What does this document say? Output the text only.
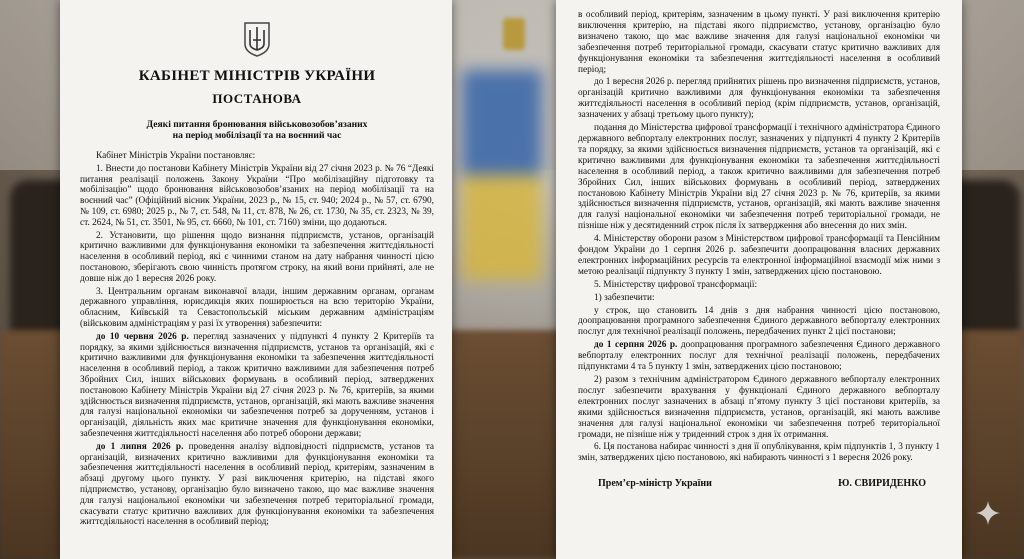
КАБІНЕТ МІНІСТРІВ УКРАЇНИ
ПОСТАНОВА
Деякі питання бронювання військовозобов’язаних
на період мобілізації та на воєнний час

Кабінет Міністрів України постановляє:

1. Внести до постанови Кабінету Міністрів України від 27 січня 2023 р. № 76 “Деякі питання реалізації положень Закону України “Про мобілізаційну підготовку та мобілізацію” щодо бронювання військовозобов’язаних на період мобілізації та на воєнний час” (Офіційний вісник України, 2023 р., № 15, ст. 940; 2024 р., № 57, ст. 6790, № 109, ст. 6980; 2025 р., № 7, ст. 548, № 11, ст. 878, № 26, ст. 1730, № 35, ст. 2323, № 39, ст. 2624, № 51, ст. 3501, № 95, ст. 6660, № 101, ст. 7160) зміни, що додаються.

2. Установити, що рішення щодо визнання підприємств, установ, організацій критично важливими для функціонування економіки та забезпечення життєдіяльності населення в особливий період, які є чинними станом на дату набрання чинності цією постановою, зберігають свою чинність протягом строку, на який вони прийняті, але не довше ніж до 1 вересня 2026 року.

3. Центральним органам виконавчої влади, іншим державним органам, органам державного управління, юрисдикція яких поширюється на всю територію України, обласним, Київській та Севастопольській міським державним адміністраціям (військовим адміністраціям у разі їх утворення) забезпечити:

до 10 червня 2026 р. перегляд зазначених у підпункті 4 пункту 2 Критеріїв та порядку, за якими здійснюється визначення підприємств, установ та організацій, які є критично важливими для функціонування економіки та забезпечення життєдіяльності населення в особливий період, а також критично важливими для забезпечення потреб Збройних Сил, інших військових формувань в особливий період, затверджених постановою Кабінету Міністрів України від 27 січня 2023 р. № 76, критеріїв, за якими здійснюється визначення підприємств, установ, організацій, які мають важливе значення для галузі національної економіки чи забезпечення потреб за дорученням, установ і організацій, діяльність яких має критичне значення для функціонування економіки, забезпечення життєдіяльності населення або потреб оборони держави;

до 1 липня 2026 р. проведення аналізу відповідності підприємств, установ та організацій, визначених критично важливими для функціонування економіки та забезпечення життєдіяльності населення в особливий період, критеріям, зазначеним в абзаці другому цього пункту. У разі виключення критерію, на підставі якого підприємство, установу, організацію було визначено такою, що має важливе значення для галузі національної економіки чи забезпечення потреб територіальної громади, скасувати статус критично важливих для функціонування економіки та забезпечення життєдіяльності населення в особливий період;

в особливий період, критеріям, зазначеним в цьому пункті. У разі виключення критерію виключення критерію, на підставі якого підприємство, установу, організацію було визначено такою, що має важливе значення для галузі національної економіки чи забезпечення потреб територіальної громади, скасувати статус критично важливих для функціонування економіки та забезпечення життєдіяльності населення в особливий період;

до 1 вересня 2026 р. перегляд прийнятих рішень про визначення підприємств, установ, організацій критично важливими для функціонування економіки та забезпечення життєдіяльності населення в особливий період (крім підприємств, установ, організацій, зазначених у абзаці третьому цього пункту);

подання до Міністерства цифрової трансформації і технічного адміністратора Єдиного державного вебпорталу електронних послуг, зазначених у підпункті 4 пункту 2 Критеріїв та порядку, за якими здійснюється визначення підприємств, установ та організацій, які є критично важливими для функціонування економіки та забезпечення життєдіяльності населення в особливий період, а також критично важливими для забезпечення потреб Збройних Сил, інших військових формувань в особливий період, затверджених постановою Кабінету Міністрів України від 27 січня 2023 р. № 76, критеріїв, за якими здійснюється визначення підприємств, установ, організацій, які мають важливе значення для галузі національної економіки чи забезпечення потреб територіальної громади, не пізніше ніж у десятиденний строк після їх затвердження або внесення до них змін.

4. Міністерству оборони разом з Міністерством цифрової трансформації та Пенсійним фондом України до 1 серпня 2026 р. забезпечити доопрацювання власних державних електронних інформаційних ресурсів та електронної інформаційної взаємодії між ними з метою реалізації підпункту 3 пункту 1 змін, затверджених цією постановою.

5. Міністерству цифрової трансформації:

1) забезпечити:

у строк, що становить 14 днів з дня набрання чинності цією постановою, доопрацювання програмного забезпечення Єдиного державного вебпорталу електронних послуг для технічної реалізації положень, передбачених пункт 2 цієї постанови;

до 1 серпня 2026 р. доопрацювання програмного забезпечення Єдиного державного вебпорталу електронних послуг для технічної реалізації положень, передбачених підпунктами 4 та 5 пункту 1 змін, затверджених цією постановою;

2) разом з технічним адміністратором Єдиного державного вебпорталу електронних послуг забезпечити врахування у функціоналі Єдиного державного вебпорталу електронних послуг зазначених в абзаці п’ятому пункту 3 цієї постанови критеріїв, за якими здійснюється визначення підприємств, установ, організацій, які мають важливе значення для галузі національної економіки чи забезпечення потреб територіальної громади, не пізніше ніж у триденний строк з дня їх отримання.

6. Ця постанова набирає чинності з дня її опублікування, крім підпунктів 1, 3 пункту 1 змін, затверджених цією постановою, які набирають чинності з 1 вересня 2026 року.

Прем’єр-міністр України	Ю. СВИРИДЕНКО
